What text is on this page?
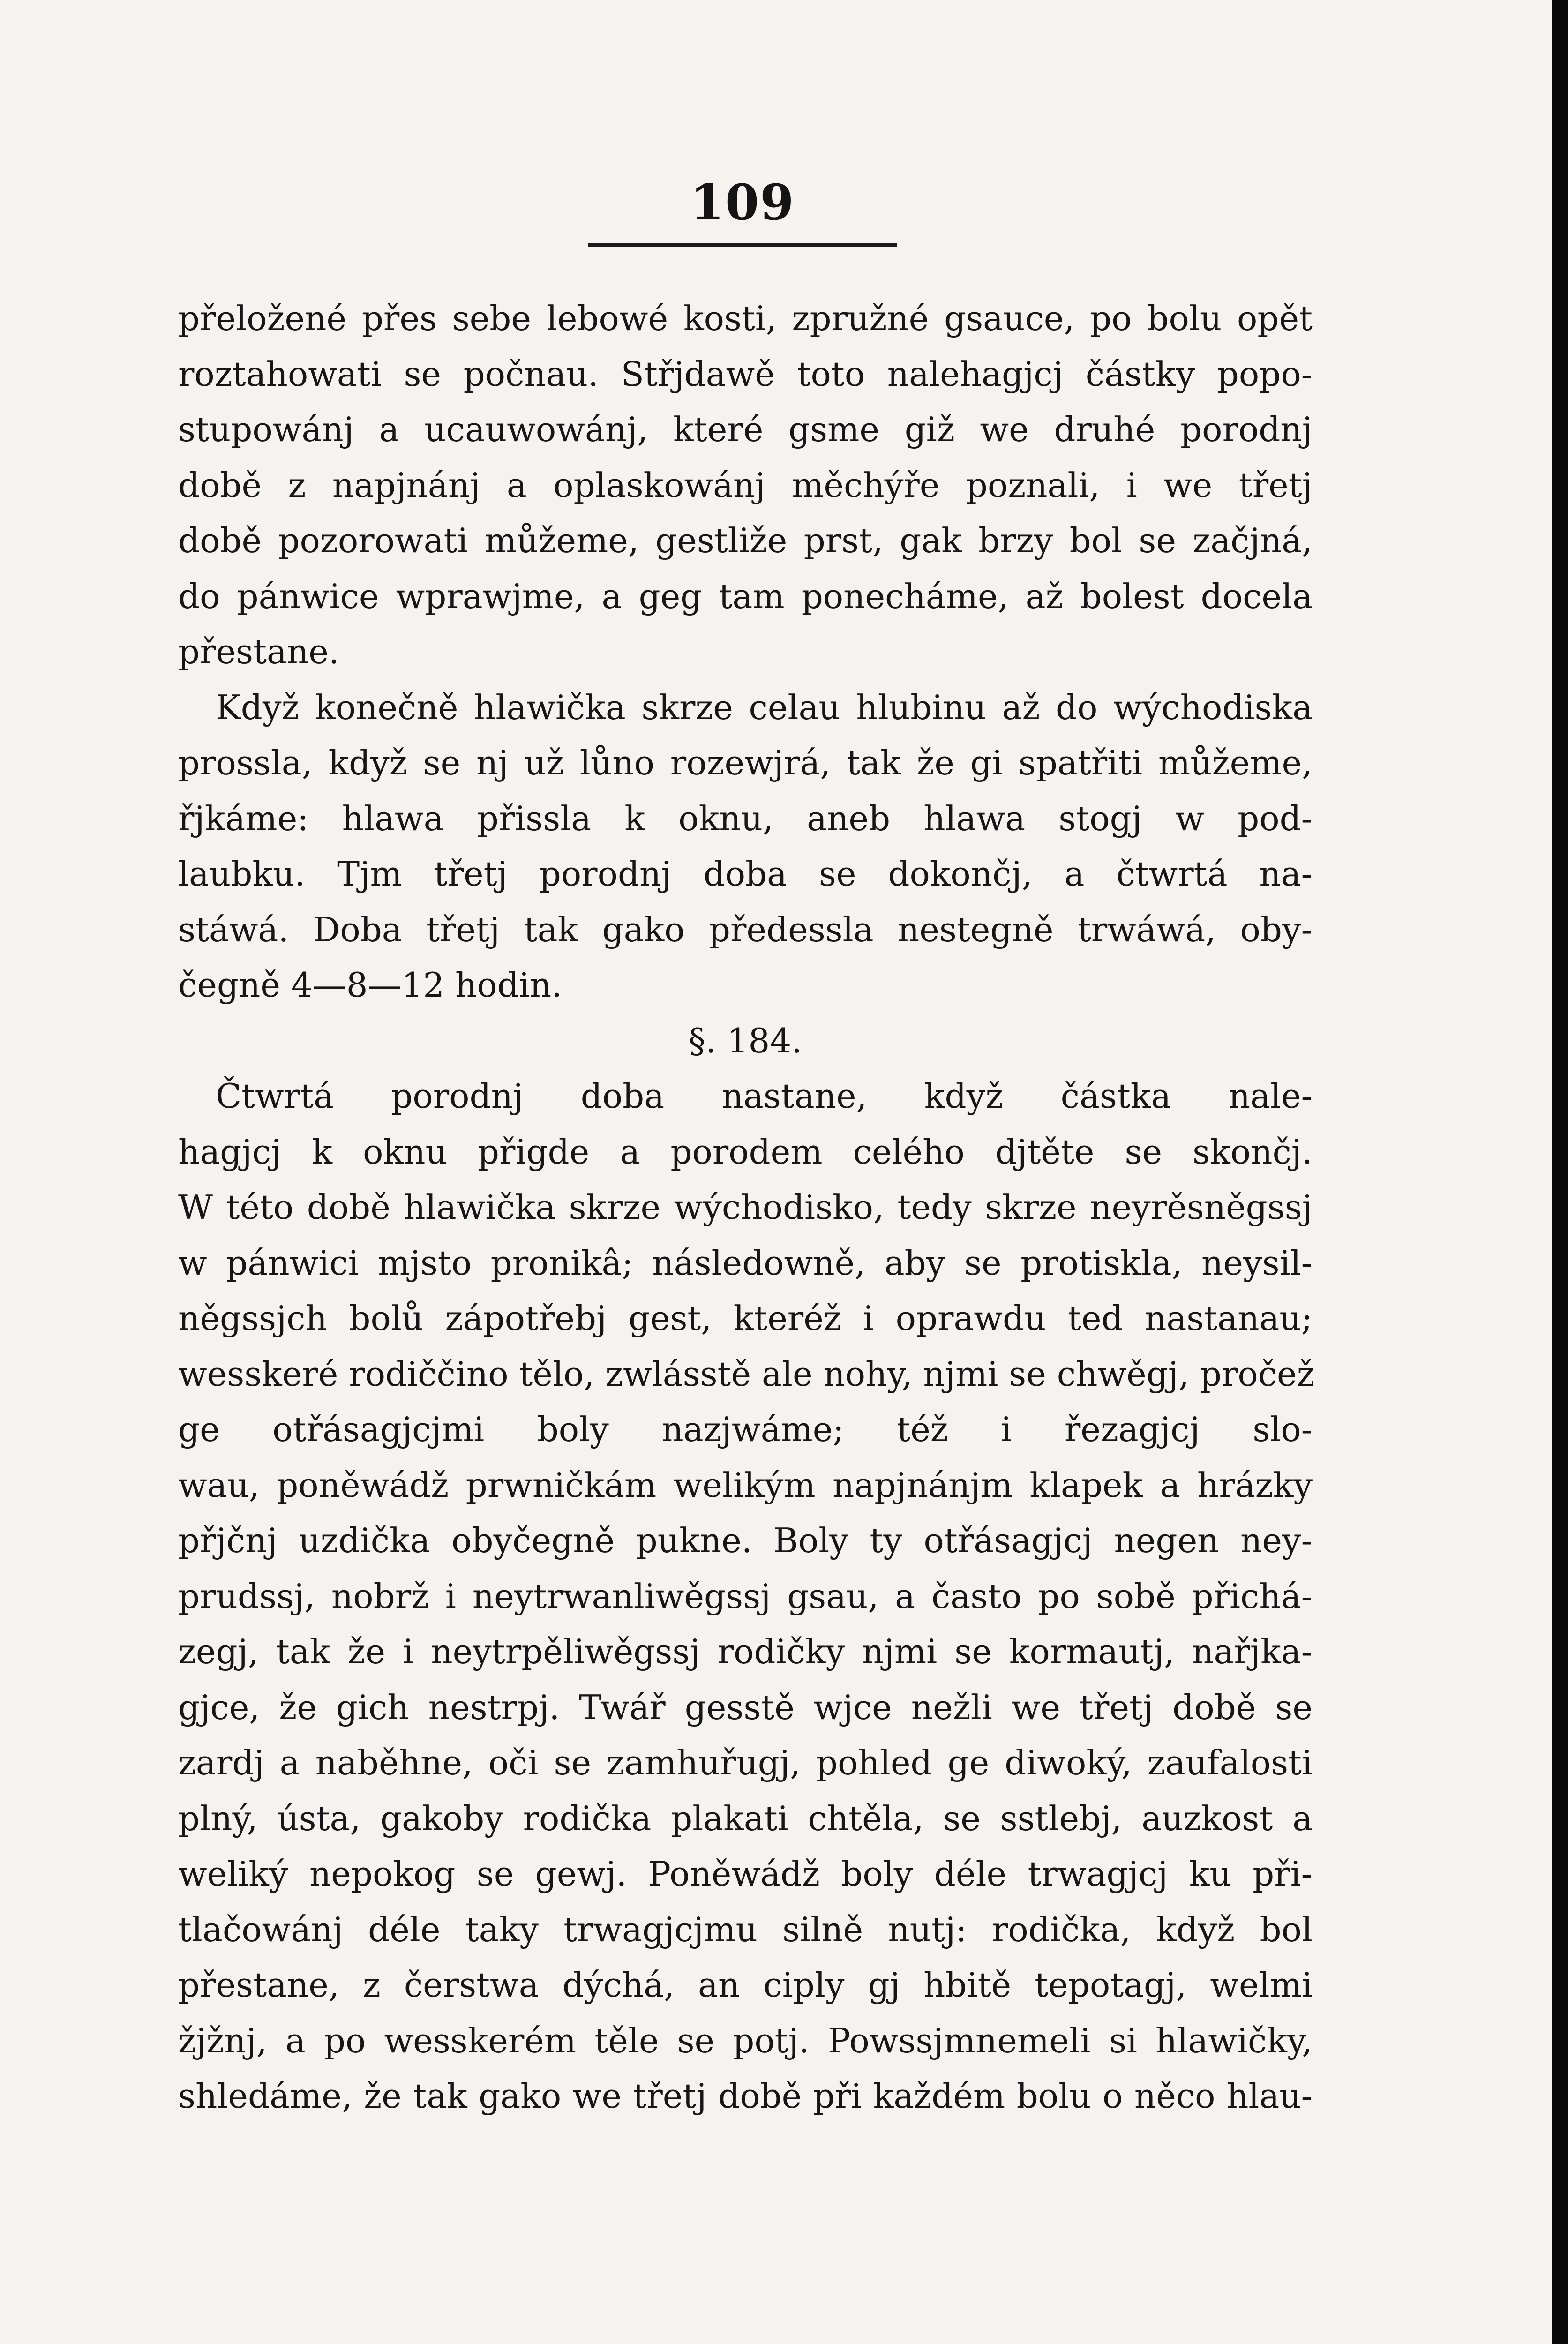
109
přeložené přes sebe lebowé kosti, zpružné gsauce, po bolu opět
roztahowati se počnau. Střjdawě toto nalehagjcj částky popo-
stupowánj a ucauwowánj, které gsme giž we druhé porodnj
době z napjnánj a oplaskowánj měchýře poznali, i we třetj
době pozorowati můžeme, gestliže prst, gak brzy bol se začjná,
do pánwice wprawjme, a geg tam ponecháme, až bolest docela
přestane.
Když konečně hlawička skrze celau hlubinu až do wýchodiska
prossla, když se nj už lůno rozewjrá, tak že gi spatřiti můžeme,
řjkáme: hlawa přissla k oknu, aneb hlawa stogj w pod-
laubku. Tjm třetj porodnj doba se dokončj, a čtwrtá na-
stáwá. Doba třetj tak gako předessla nestegně trwáwá, oby-
čegně 4—8—12 hodin.
§. 184.
Čtwrtá porodnj doba nastane, když částka nale-
hagjcj k oknu přigde a porodem celého djtěte se skončj.
W této době hlawička skrze wýchodisko, tedy skrze neyrěsněgssj
w pánwici mjsto pronikâ; následowně, aby se protiskla, neysil-
něgssjch bolů zápotřebj gest, kteréž i oprawdu ted nastanau;
wesskeré rodiččino tělo, zwlásstě ale nohy, njmi se chwěgj, pročež
ge otřásagjcjmi boly nazjwáme; též i řezagjcj slo-
wau, poněwádž prwničkám welikým napjnánjm klapek a hrázky
přjčnj uzdička obyčegně pukne. Boly ty otřásagjcj negen ney-
prudssj, nobrž i neytrwanliwěgssj gsau, a často po sobě přichá-
zegj, tak že i neytrpěliwěgssj rodičky njmi se kormautj, nařjka-
gjce, že gich nestrpj. Twář gesstě wjce nežli we třetj době se
zardj a naběhne, oči se zamhuřugj, pohled ge diwoký, zaufalosti
plný, ústa, gakoby rodička plakati chtěla, se sstlebj, auzkost a
weliký nepokog se gewj. Poněwádž boly déle trwagjcj ku při-
tlačowánj déle taky trwagjcjmu silně nutj: rodička, když bol
přestane, z čerstwa dýchá, an ciply gj hbitě tepotagj, welmi
žjžnj, a po wesskerém těle se potj. Powssjmnemeli si hlawičky,
shledáme, že tak gako we třetj době při každém bolu o něco hlau-
